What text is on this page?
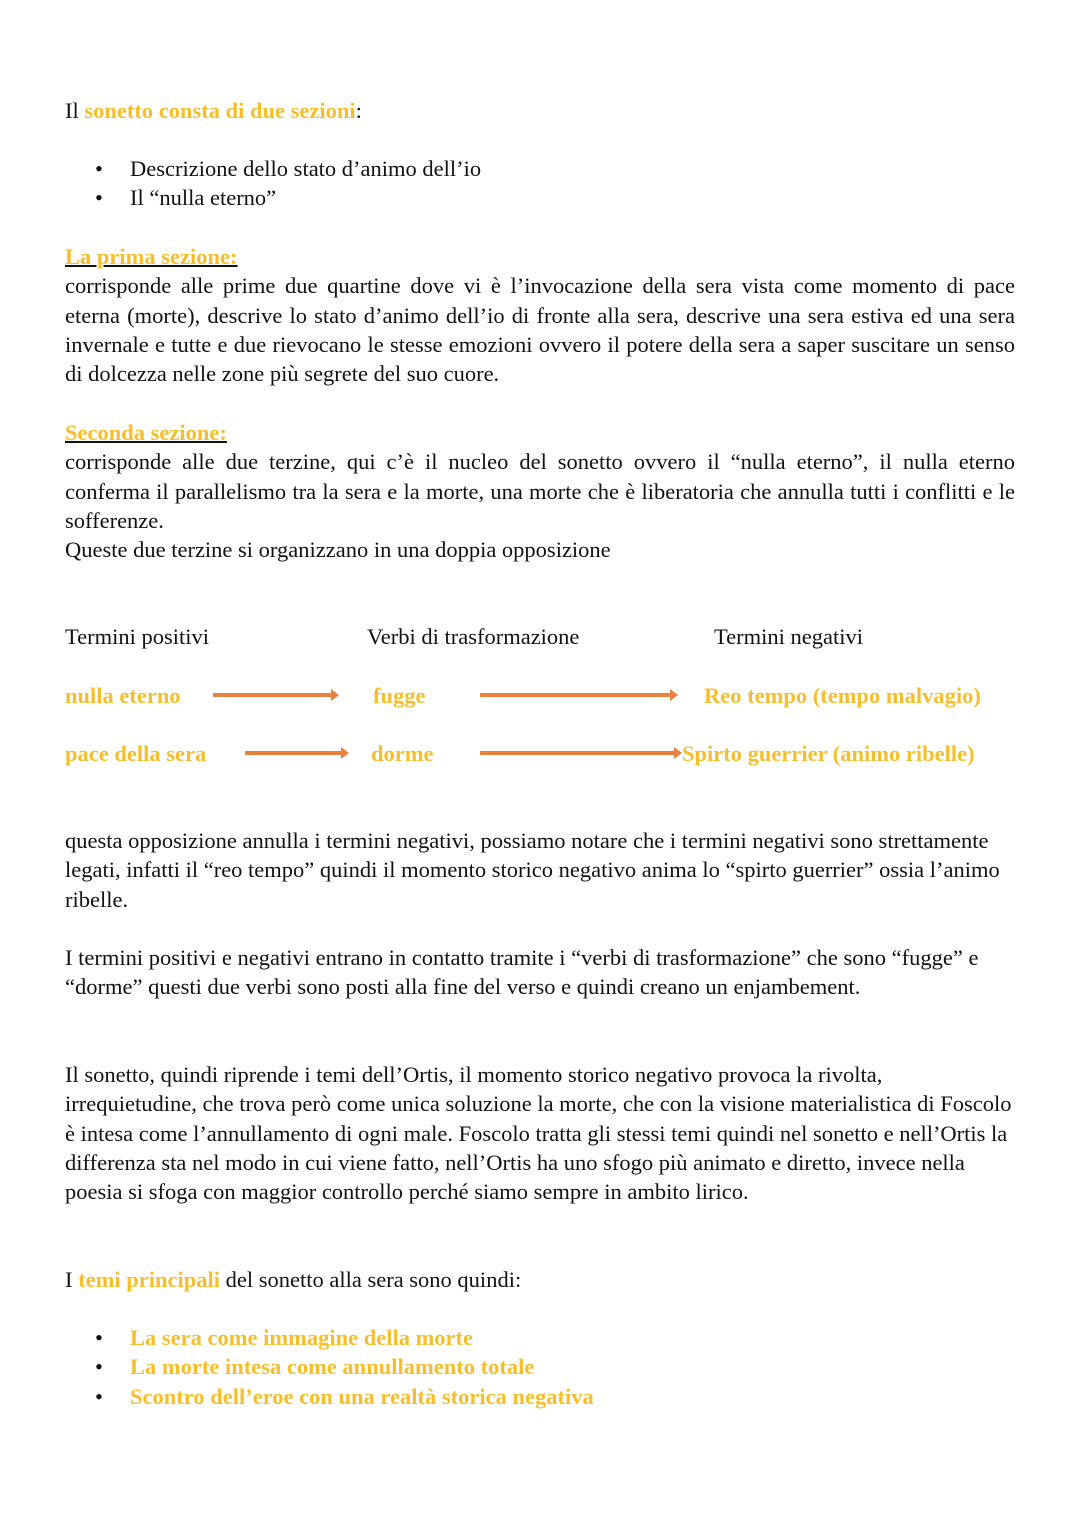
Il sonetto consta di due sezioni:
• Descrizione dello stato d’animo dell’io
• Il “nulla eterno”
La prima sezione:
corrisponde alle prime due quartine dove vi è l’invocazione della sera vista come momento di pace eterna (morte), descrive lo stato d’animo dell’io di fronte alla sera, descrive una sera estiva ed una sera invernale e tutte e due rievocano le stesse emozioni ovvero il potere della sera a saper suscitare un senso di dolcezza nelle zone più segrete del suo cuore.
Seconda sezione:
corrisponde alle due terzine, qui c’è il nucleo del sonetto ovvero il “nulla eterno”, il nulla eterno conferma il parallelismo tra la sera e la morte, una morte che è liberatoria che annulla tutti i conflitti e le sofferenze.
Queste due terzine si organizzano in una doppia opposizione
Termini positivi	Verbi di trasformazione	Termini negativi
nulla eterno	fugge	Reo tempo (tempo malvagio)
pace della sera	dorme	Spirto guerrier (animo ribelle)
questa opposizione annulla i termini negativi, possiamo notare che i termini negativi sono strettamente legati, infatti il “reo tempo” quindi il momento storico negativo anima lo “spirto guerrier” ossia l’animo ribelle.
I termini positivi e negativi entrano in contatto tramite i “verbi di trasformazione” che sono “fugge” e “dorme” questi due verbi sono posti alla fine del verso e quindi creano un enjambement.
Il sonetto, quindi riprende i temi dell’Ortis, il momento storico negativo provoca la rivolta, irrequietudine, che trova però come unica soluzione la morte, che con la visione materialistica di Foscolo è intesa come l’annullamento di ogni male. Foscolo tratta gli stessi temi quindi nel sonetto e nell’Ortis la differenza sta nel modo in cui viene fatto, nell’Ortis ha uno sfogo più animato e diretto, invece nella poesia si sfoga con maggior controllo perché siamo sempre in ambito lirico.
I temi principali del sonetto alla sera sono quindi:
• La sera come immagine della morte
• La morte intesa come annullamento totale
• Scontro dell’eroe con una realtà storica negativa
